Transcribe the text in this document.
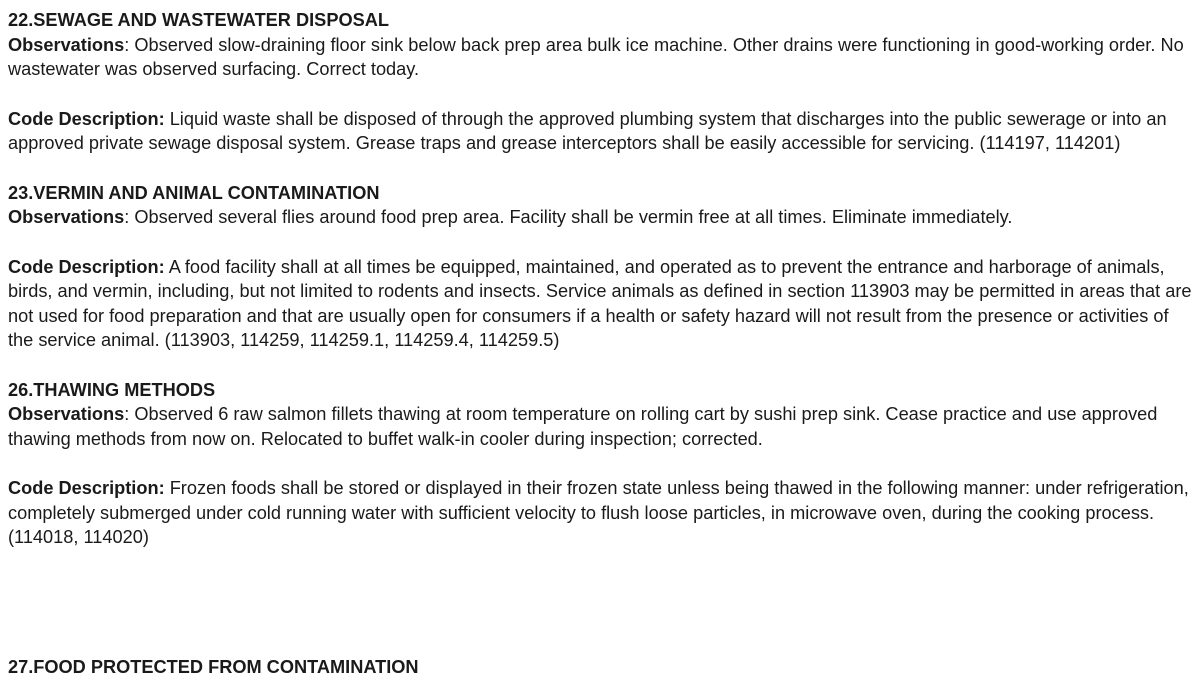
22.SEWAGE AND WASTEWATER DISPOSAL
Observations: Observed slow-draining floor sink below back prep area bulk ice machine. Other drains were functioning in good-working order. No wastewater was observed surfacing. Correct today.
Code Description: Liquid waste shall be disposed of through the approved plumbing system that discharges into the public sewerage or into an approved private sewage disposal system. Grease traps and grease interceptors shall be easily accessible for servicing. (114197, 114201)
23.VERMIN AND ANIMAL CONTAMINATION
Observations: Observed several flies around food prep area. Facility shall be vermin free at all times. Eliminate immediately.
Code Description: A food facility shall at all times be equipped, maintained, and operated as to prevent the entrance and harborage of animals, birds, and vermin, including, but not limited to rodents and insects. Service animals as defined in section 113903 may be permitted in areas that are not used for food preparation and that are usually open for consumers if a health or safety hazard will not result from the presence or activities of the service animal. (113903, 114259, 114259.1, 114259.4, 114259.5)
26.THAWING METHODS
Observations: Observed 6 raw salmon fillets thawing at room temperature on rolling cart by sushi prep sink. Cease practice and use approved thawing methods from now on. Relocated to buffet walk-in cooler during inspection; corrected.
Code Description: Frozen foods shall be stored or displayed in their frozen state unless being thawed in the following manner: under refrigeration, completely submerged under cold running water with sufficient velocity to flush loose particles, in microwave oven, during the cooking process. (114018, 114020)
27.FOOD PROTECTED FROM CONTAMINATION
